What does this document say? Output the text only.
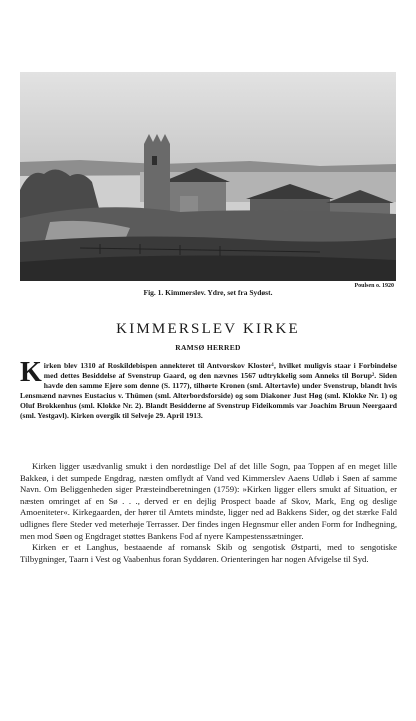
Poulsen o. 1920
Fig. 1. Kimmerslev. Ydre, set fra Sydøst.
KIMMERSLEV KIRKE
RAMSØ HERRED

Kirken blev 1310 af Roskildebispen annekteret til Antvorskov Kloster¹, hvilket muligvis staar i Forbindelse med dettes Besiddelse af Svenstrup Gaard, og den nævnes 1567 udtrykkelig som Anneks til Borup². Siden havde den samme Ejere som denne (S. 1177), tilhørte Kronen (sml. Altertavle) under Svenstrup, blandt hvis Lensmænd nævnes Eustacius v. Thümen (sml. Alterbordsforside) og som Diakoner Just Høg (sml. Klokke Nr. 1) og Oluf Brokkenhus (sml. Klokke Nr. 2). Blandt Besidderne af Svenstrup Fideikommis var Joachim Bruun Neergaard (sml. Yestgavl). Kirken overgik til Selveje 29. April 1913.

Kirken ligger usædvanlig smukt i den nordøstlige Del af det lille Sogn, paa Toppen af en meget lille Bakkeø, i det sumpede Engdrag, næsten omflydt af Vand ved Kimmerslev Aaens Udløb i Søen af samme Navn. Om Beliggenheden siger Præsteindberetningen (1759): »Kirken ligger ellers smukt af Situation, er næsten omringet af en Sø . . ., derved er en dejlig Prospect baade af Skov, Mark, Eng og deslige Amoeniteter«. Kirkegaarden, der hører til Amtets mindste, ligger ned ad Bakkens Sider, og det stærke Fald udlignes flere Steder ved meterhøje Terrasser. Der findes ingen Hegnsmur eller anden Form for Indhegning, men mod Søen og Engdraget støttes Bankens Fod af nyere Kampestenssætninger.

Kirken er et Langhus, bestaaende af romansk Skib og sengotisk Østparti, med to sengotiske Tilbygninger, Taarn i Vest og Vaabenhus foran Syddøren. Orienteringen har nogen Afvigelse til Syd.
